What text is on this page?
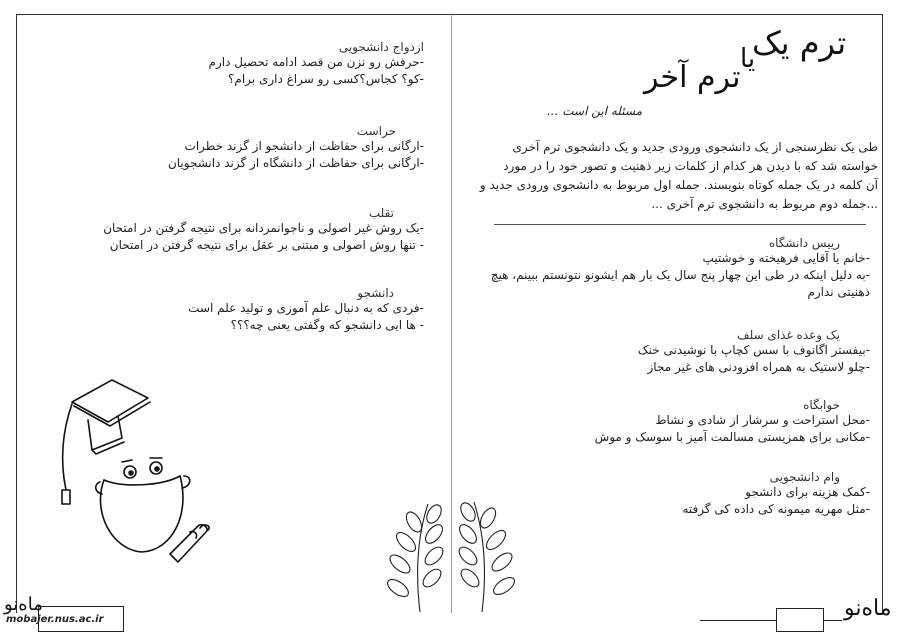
ترم یک
یا
ترم آخر
مسئله این است ...
طی یک نظرسنجی از یک دانشجوی ورودی جدید و یک دانشجوی ترم آخری
خواسته شد که با دیدن هر کدام از کلمات زیر ذهنیت و تصور خود را در مورد
آن کلمه در یک جمله کوتاه بنویسند. جمله اول مربوط به دانشجوی ورودی جدید و
...جمله دوم مربوط به دانشجوی ترم آخری ...
رییس دانشگاه
-خانم یا آقایی فرهیخته و خوشتیپ
-به دلیل اینکه در طی این چهار پنج سال یک بار هم ایشونو نتونستم ببینم، هیچ
ذهنیتی ندارم
یک وعده غذای سلف
-بیفستر اگانوف با سس کچاپ با نوشیدنی خنک
-چلو لاستیک به همراه افزودنی های غیر مجاز
خوابگاه
-محل استراحت و سرشار از شادی و نشاط
-مکانی برای همزیستی مسالمت آمیز با سوسک و موش
وام دانشجویی
-کمک هزینه برای دانشجو
-مثل مهریه میمونه کی داده کی گرفته
ازدواج دانشجویی
-حرفش رو نزن من قصد ادامه تحصیل دارم
-کو؟ کجاس؟کسی رو سراغ داری برام؟
حراست
-ارگانی برای حفاظت از دانشجو از گزند خطرات
-ارگانی برای حفاظت از دانشگاه از گزند دانشجویان
تقلب
-یک روش غیر اصولی و ناجوانمردانه برای نتیجه گرفتن در امتحان
- تنها روش اصولی و مبتنی بر عقل برای نتیجه گرفتن در امتحان
دانشجو
-فردی که به دنبال علم آموزی و تولید علم است
- ها ایی دانشجو که وگفتی یعنی چه؟؟؟
mobajer.nus.ac.ir
ماه‌نو	ماه‌نو
